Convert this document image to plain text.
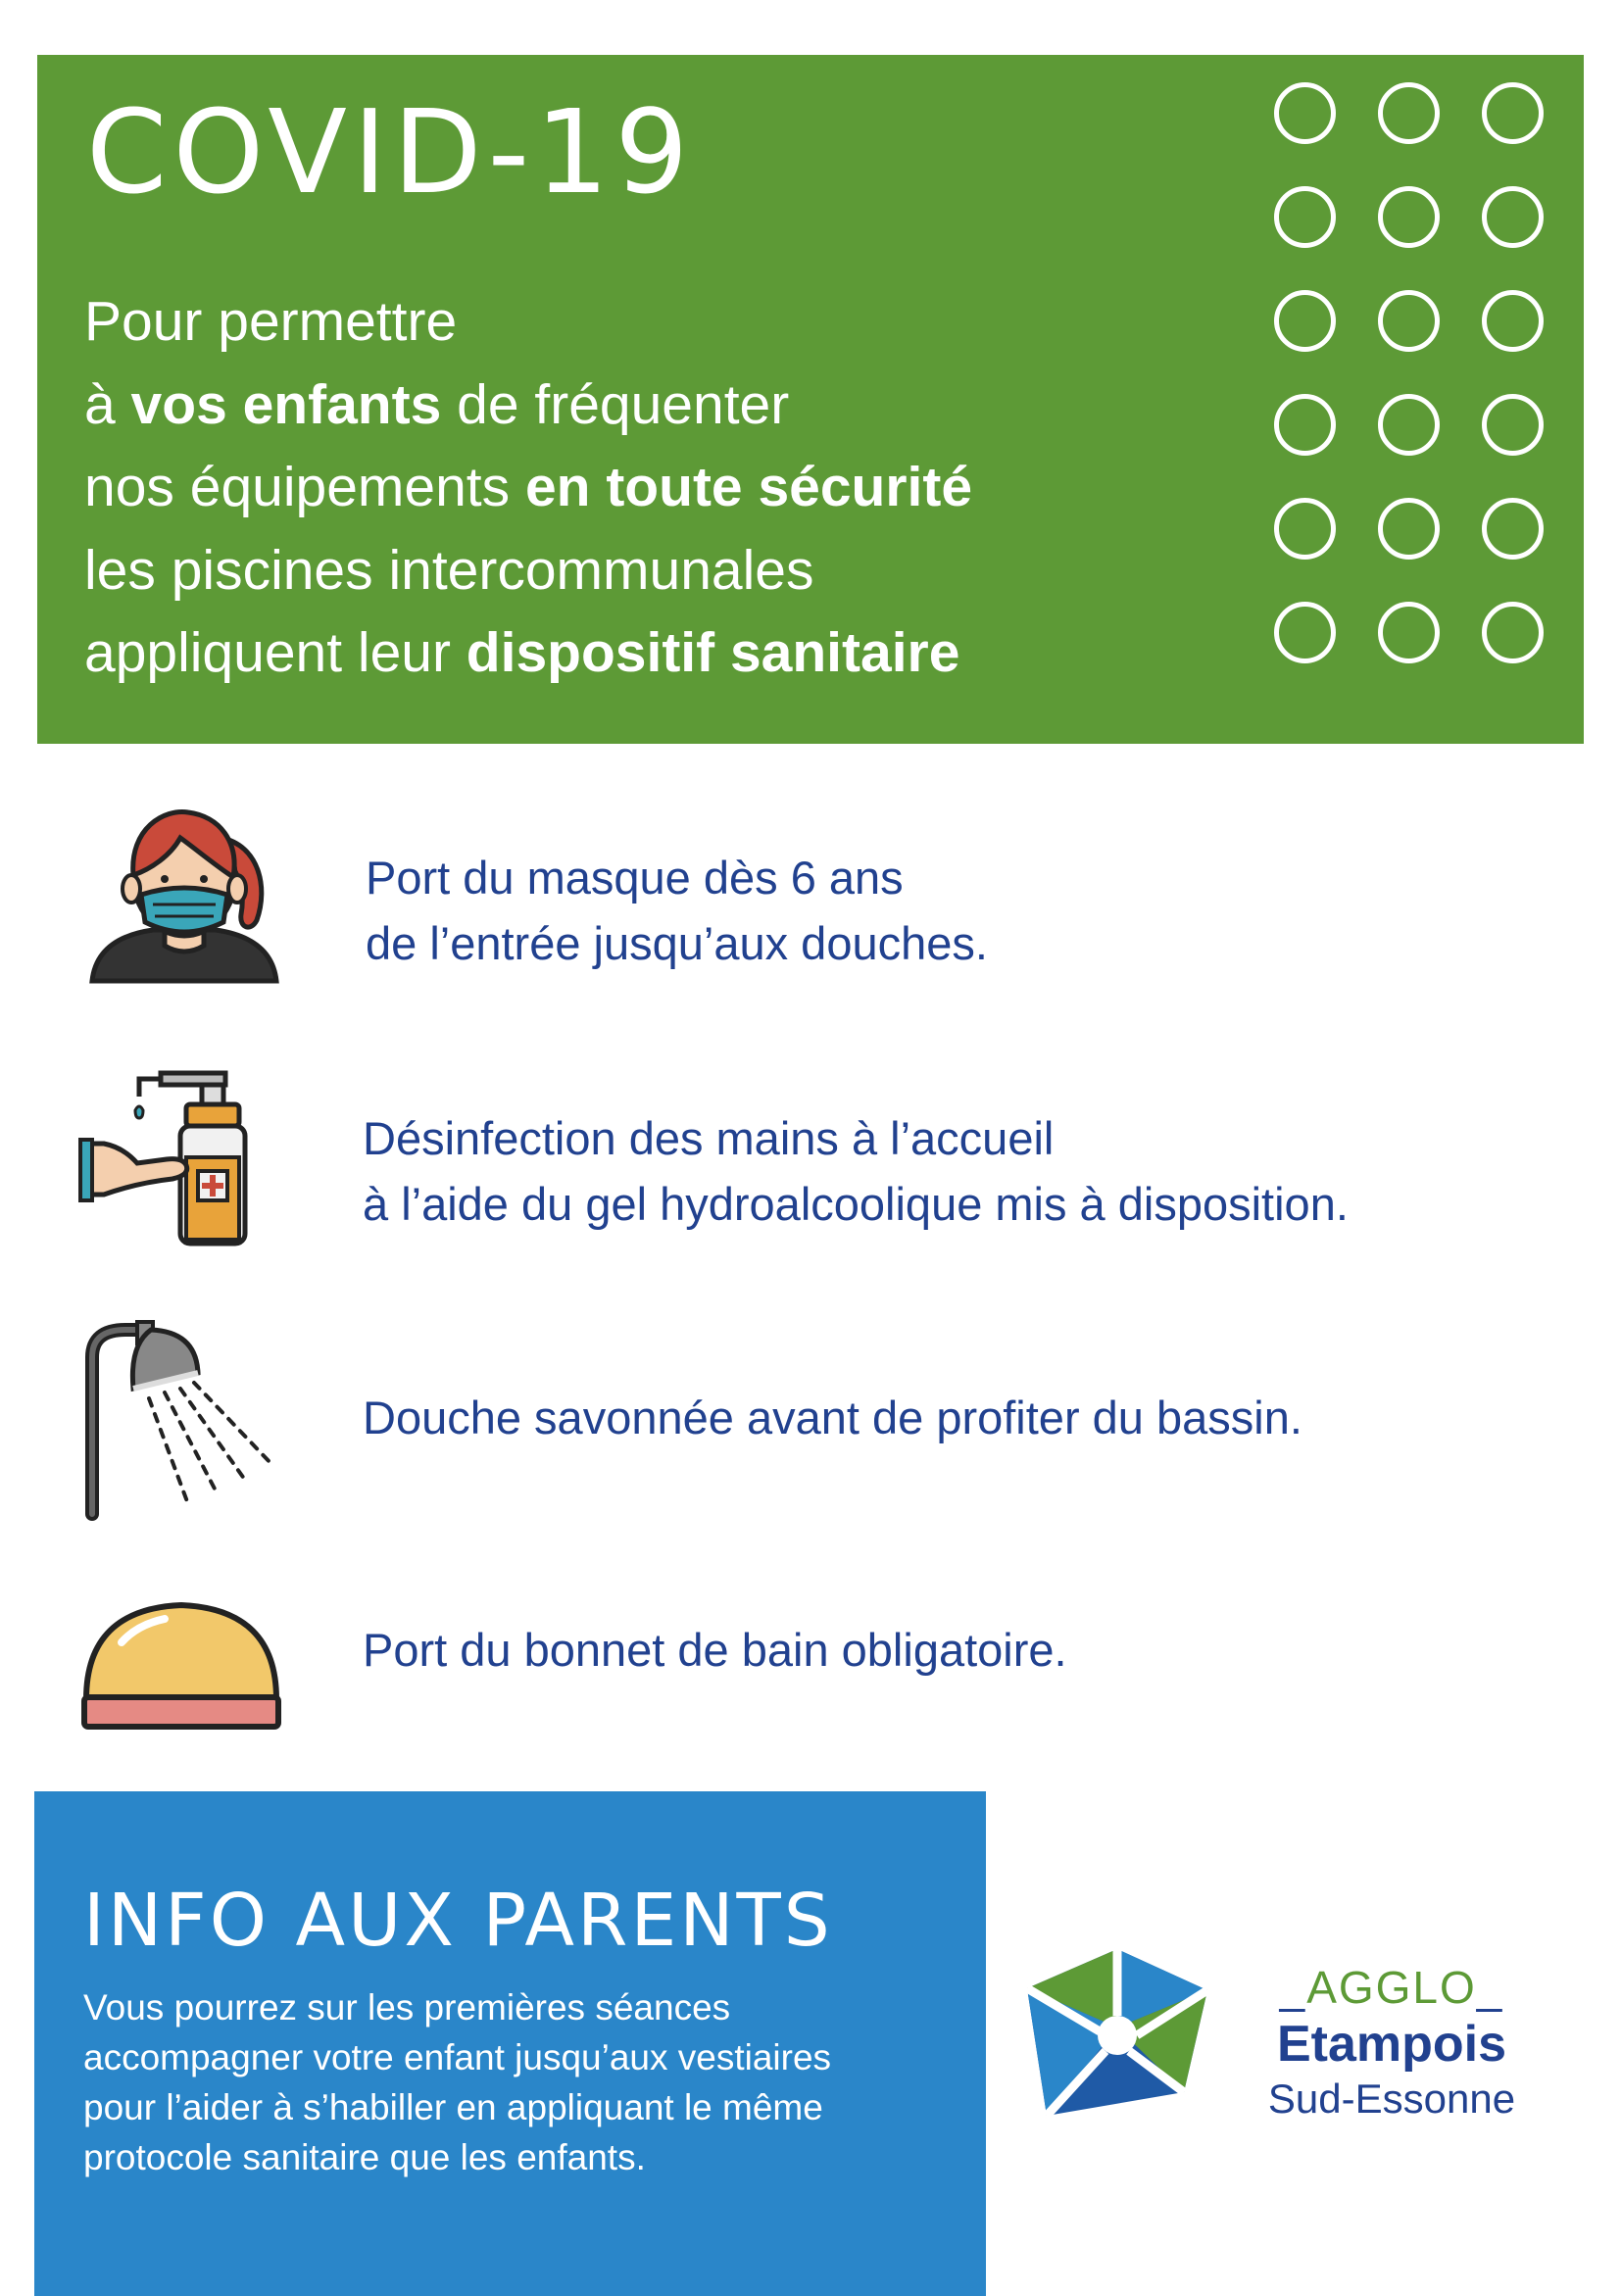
COVID-19
Pour permettre
à vos enfants de fréquenter
nos équipements en toute sécurité
les piscines intercommunales
appliquent leur dispositif sanitaire
Port du masque dès 6 ans
de l’entrée jusqu’aux douches.
Désinfection des mains à l’accueil
à l’aide du gel hydroalcoolique mis à disposition.
Douche savonnée avant de profiter du bassin.
Port du bonnet de bain obligatoire.
INFO AUX PARENTS
Vous pourrez sur les premières séances
accompagner votre enfant jusqu’aux vestiaires
pour l’aider à s’habiller en appliquant le même
protocole sanitaire que les enfants.
_AGGLO_
Etampois
Sud-Essonne
